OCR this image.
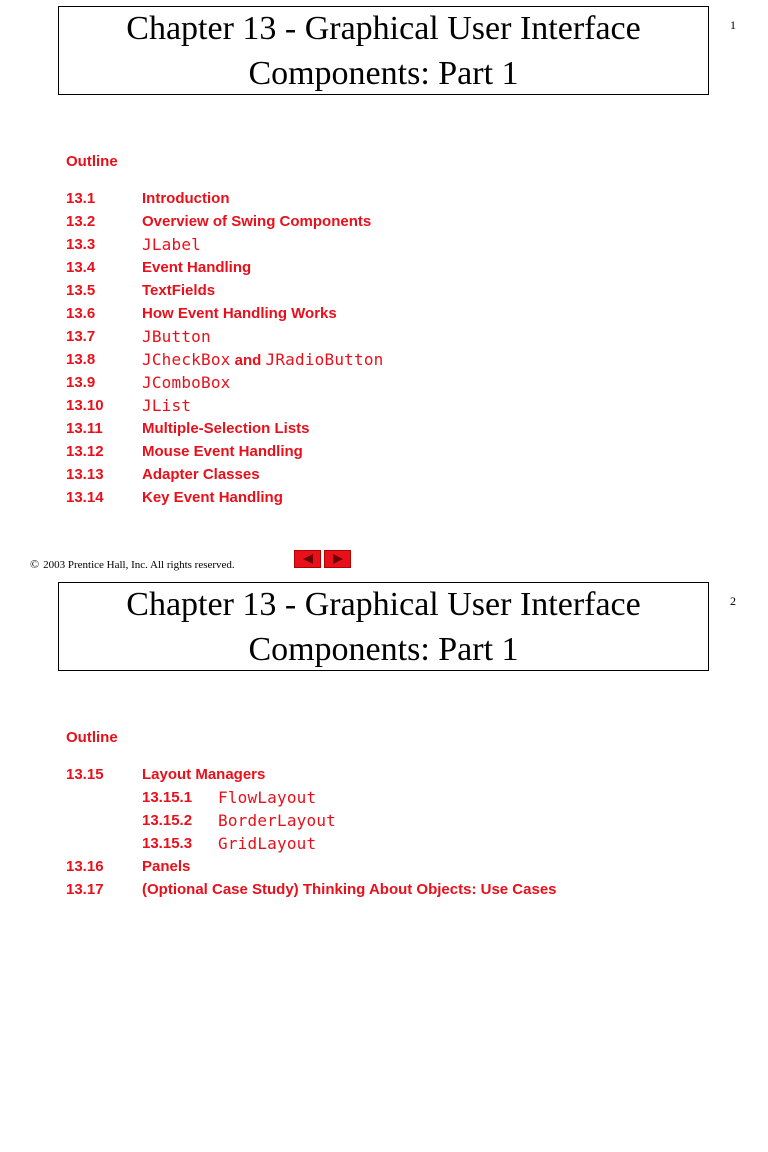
Chapter 13 - Graphical User Interface
Components: Part 1
1
Outline
13.1	Introduction
13.2	Overview of Swing Components
13.3	JLabel
13.4	Event Handling
13.5	TextFields
13.6	How Event Handling Works
13.7	JButton
13.8	JCheckBox and JRadioButton
13.9	JComboBox
13.10 JList
13.11	Multiple-Selection Lists
13.12	Mouse Event Handling
13.13	Adapter Classes
13.14	Key Event Handling
© 2003 Prentice Hall, Inc. All rights reserved.
Chapter 13 - Graphical User Interface
Components: Part 1
2
Outline
13.15	Layout Managers
13.15.1 FlowLayout
13.15.2 BorderLayout
13.15.3 GridLayout
13.16	Panels
13.17	(Optional Case Study) Thinking About Objects: Use Cases
